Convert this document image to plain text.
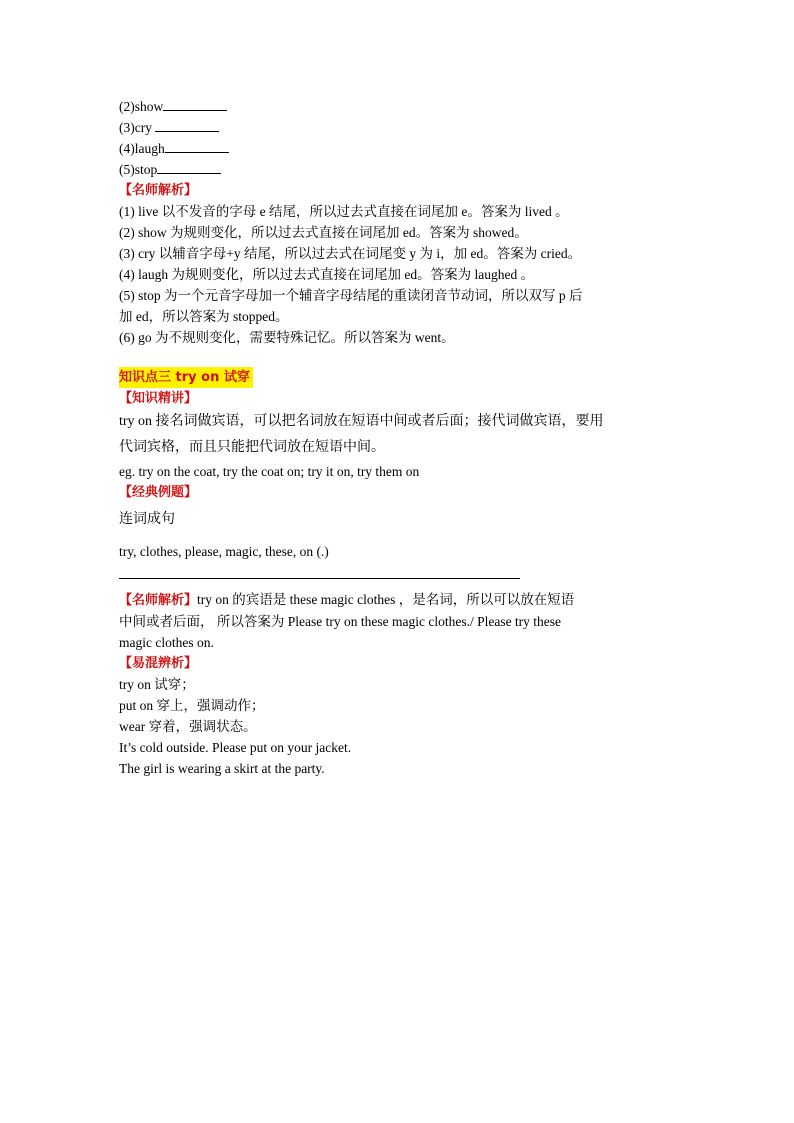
(2)show
(3)cry
(4)laugh
(5)stop
【名师解析】
(1) live 以不发音的字母 e 结尾，所以过去式直接在词尾加 e。答案为 lived 。
(2) show 为规则变化，所以过去式直接在词尾加 ed。答案为 showed。
(3) cry 以辅音字母+y 结尾，所以过去式在词尾变 y 为 i，加 ed。答案为 cried。
(4) laugh 为规则变化，所以过去式直接在词尾加 ed。答案为 laughed 。
(5) stop 为一个元音字母加一个辅音字母结尾的重读闭音节动词，所以双写 p 后
加 ed，所以答案为 stopped。
(6) go 为不规则变化，需要特殊记忆。所以答案为 went。
知识点三 try on 试穿
【知识精讲】
try on 接名词做宾语，可以把名词放在短语中间或者后面；接代词做宾语，要用
代词宾格，而且只能把代词放在短语中间。
eg. try on the coat, try the coat on; try it on, try them on
【经典例题】
连词成句
try, clothes, please, magic, these, on (.)
【名师解析】try on 的宾语是 these magic clothes ，是名词，所以可以放在短语
中间或者后面， 所以答案为 Please try on these magic clothes./ Please try these
magic clothes on.
【易混辨析】
try on 试穿；
put on 穿上，强调动作；
wear 穿着，强调状态。
It’s cold outside. Please put on your jacket.
The girl is wearing a skirt at the party.
